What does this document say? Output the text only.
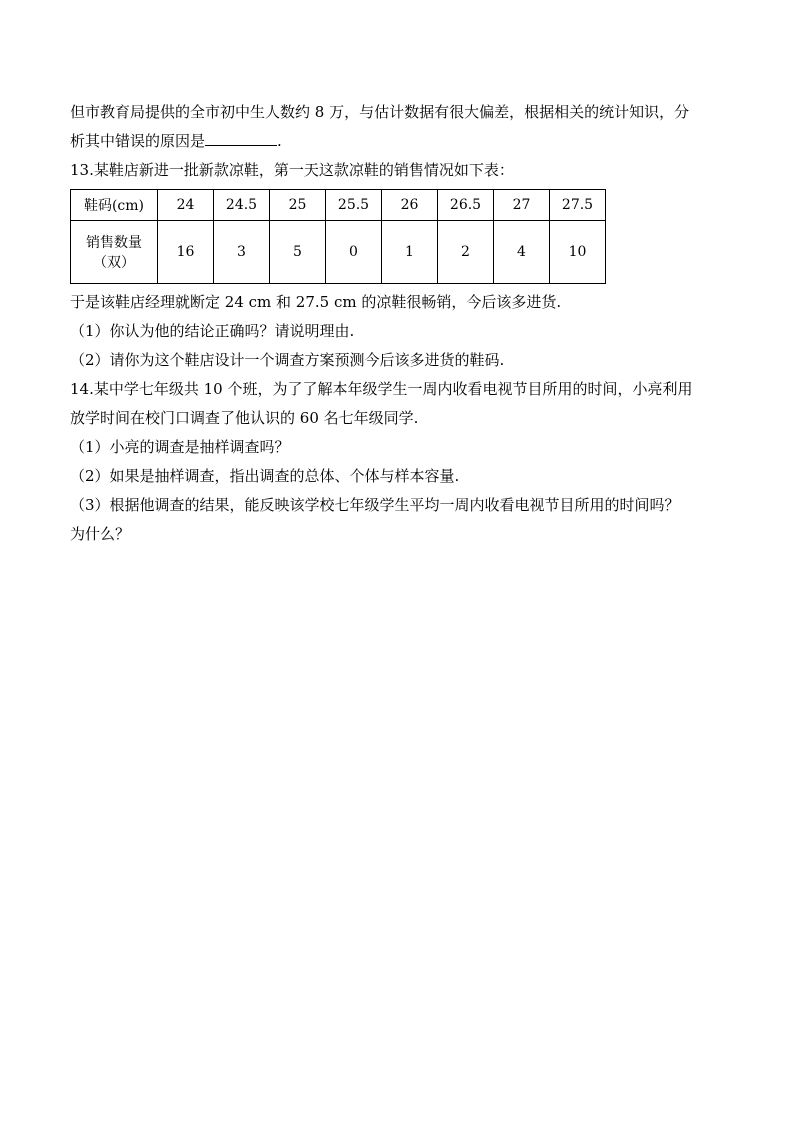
但市教育局提供的全市初中生人数约 8 万，与估计数据有很大偏差，根据相关的统计知识，分
析其中错误的原因是	.
13.某鞋店新进一批新款凉鞋，第一天这款凉鞋的销售情况如下表：
鞋码(cm)	24	24.5	25	25.5	26	26.5	27	27.5

销售数量
（双）	16	3	5	0	1	2	4	10
于是该鞋店经理就断定 24 cm 和 27.5 cm 的凉鞋很畅销，今后该多进货.
（1）你认为他的结论正确吗？请说明理由.
（2）请你为这个鞋店设计一个调查方案预测今后该多进货的鞋码.
14.某中学七年级共 10 个班，为了了解本年级学生一周内收看电视节目所用的时间，小亮利用
放学时间在校门口调查了他认识的 60 名七年级同学.
（1）小亮的调查是抽样调查吗？
（2）如果是抽样调查，指出调查的总体、个体与样本容量.
（3）根据他调查的结果，能反映该学校七年级学生平均一周内收看电视节目所用的时间吗？
为什么？
